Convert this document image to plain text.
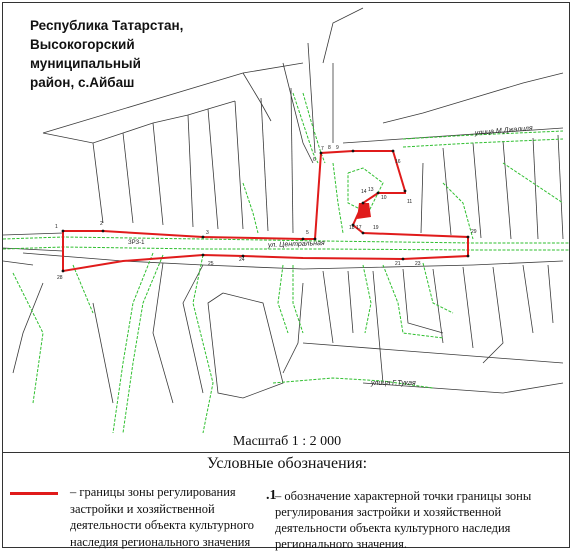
1	2
3	5
6
7 8 9
16
11
10
14 13
18 17 19
29
21	23
24
25
28
улица М.Джалиля
ул. Центральная
улица Г.Тукая
ЗРЗ-1
Республика Татарстан,
Высокогорский муниципальный
район, с.Айбаш
Масштаб 1 : 2 000
Условные обозначения:
– границы зоны регулирования застройки и хозяйственной деятельности объекта культурного наследия регионального значения
.1
– обозначение характерной точки границы зоны регулирования застройки и хозяйственной деятельности объекта культурного наследия регионального значения.
